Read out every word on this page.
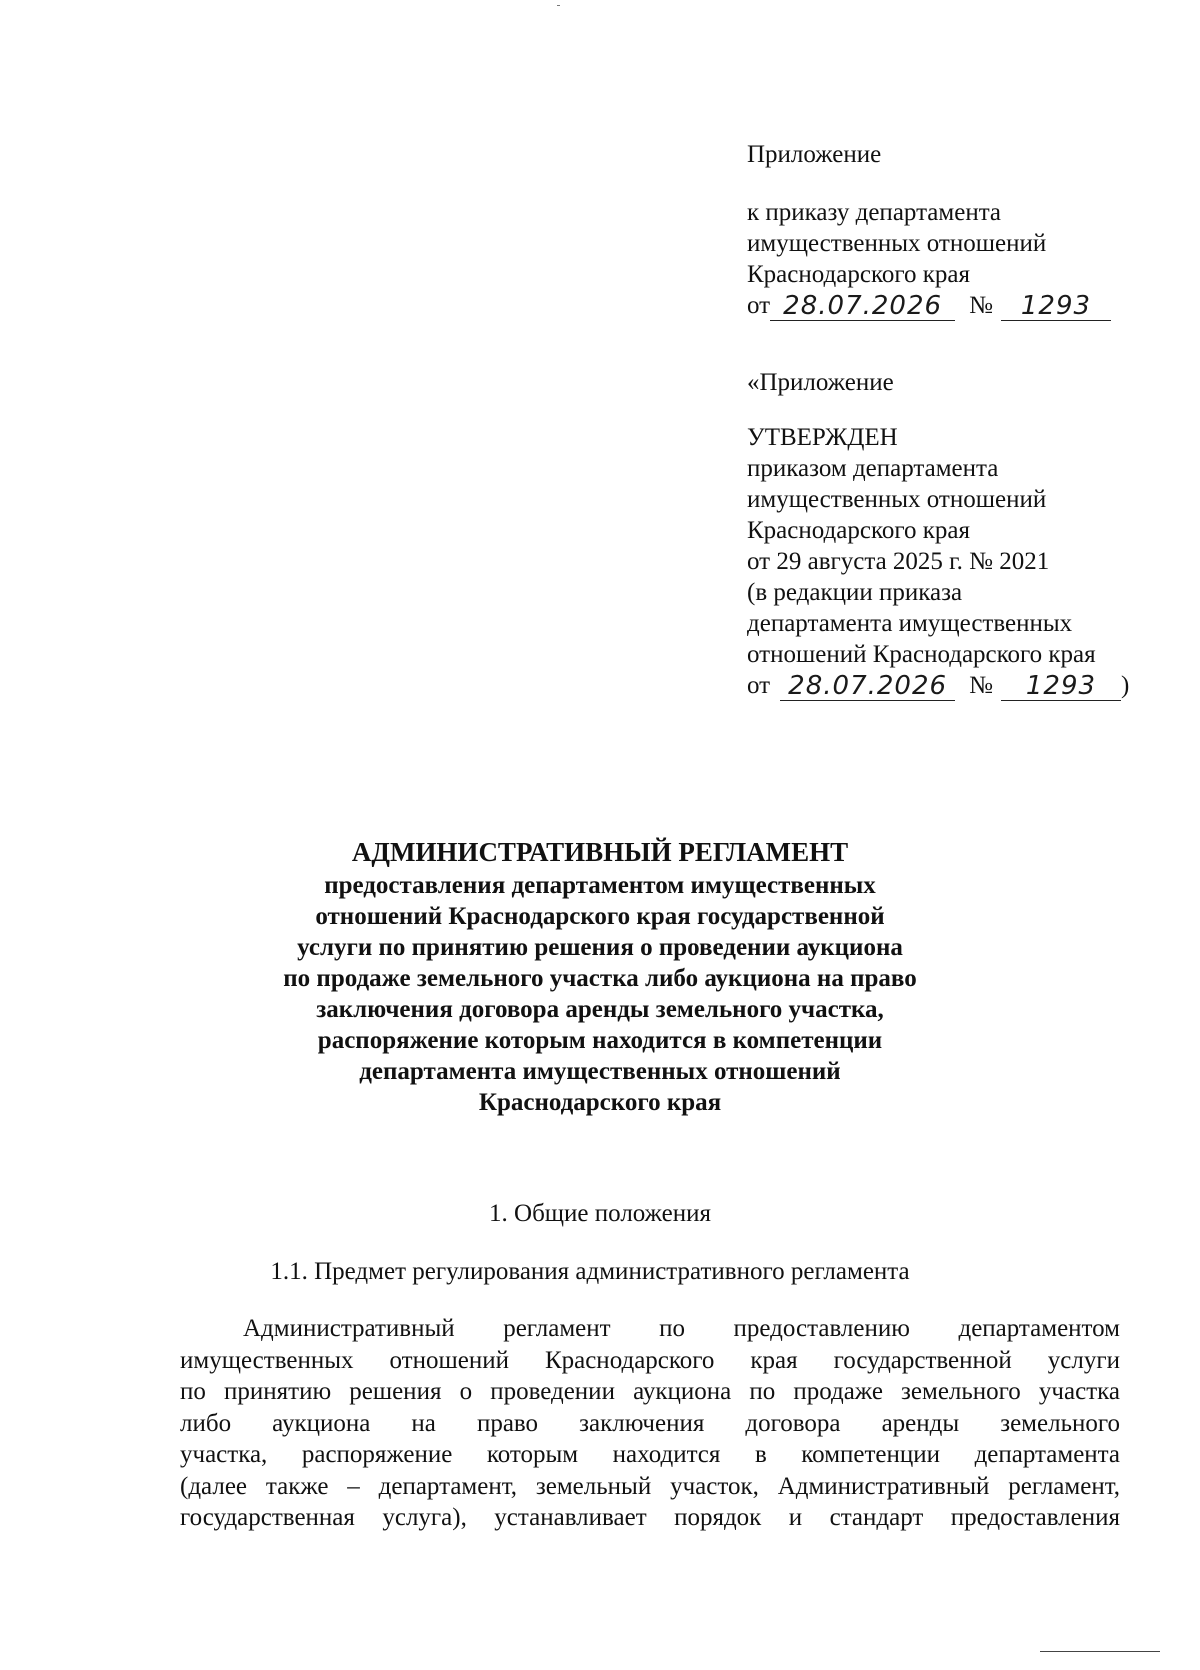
Приложение
к приказу департамента
имущественных отношений
Краснодарского края
от 28.07.2026	№	1293
«Приложение
УТВЕРЖДЕН
приказом департамента
имущественных отношений
Краснодарского края
от 29 августа 2025 г. № 2021
(в редакции приказа
департамента имущественных
отношений Краснодарского края
от 28.07.2026 №	1293 )
АДМИНИСТРАТИВНЫЙ РЕГЛАМЕНТ
предоставления департаментом имущественных
отношений Краснодарского края государственной
услуги по принятию решения о проведении аукциона
по продаже земельного участка либо аукциона на право
заключения договора аренды земельного участка,
распоряжение которым находится в компетенции
департамента имущественных отношений
Краснодарского края
1. Общие положения
1.1. Предмет регулирования административного регламента
Административный регламент по предоставлению департаментом
имущественных отношений Краснодарского края государственной услуги
по принятию решения о проведении аукциона по продаже земельного участка
либо аукциона на право заключения договора аренды земельного
участка, распоряжение которым находится в компетенции департамента
(далее также – департамент, земельный участок, Административный регламент,
государственная услуга), устанавливает порядок и стандарт предоставления
